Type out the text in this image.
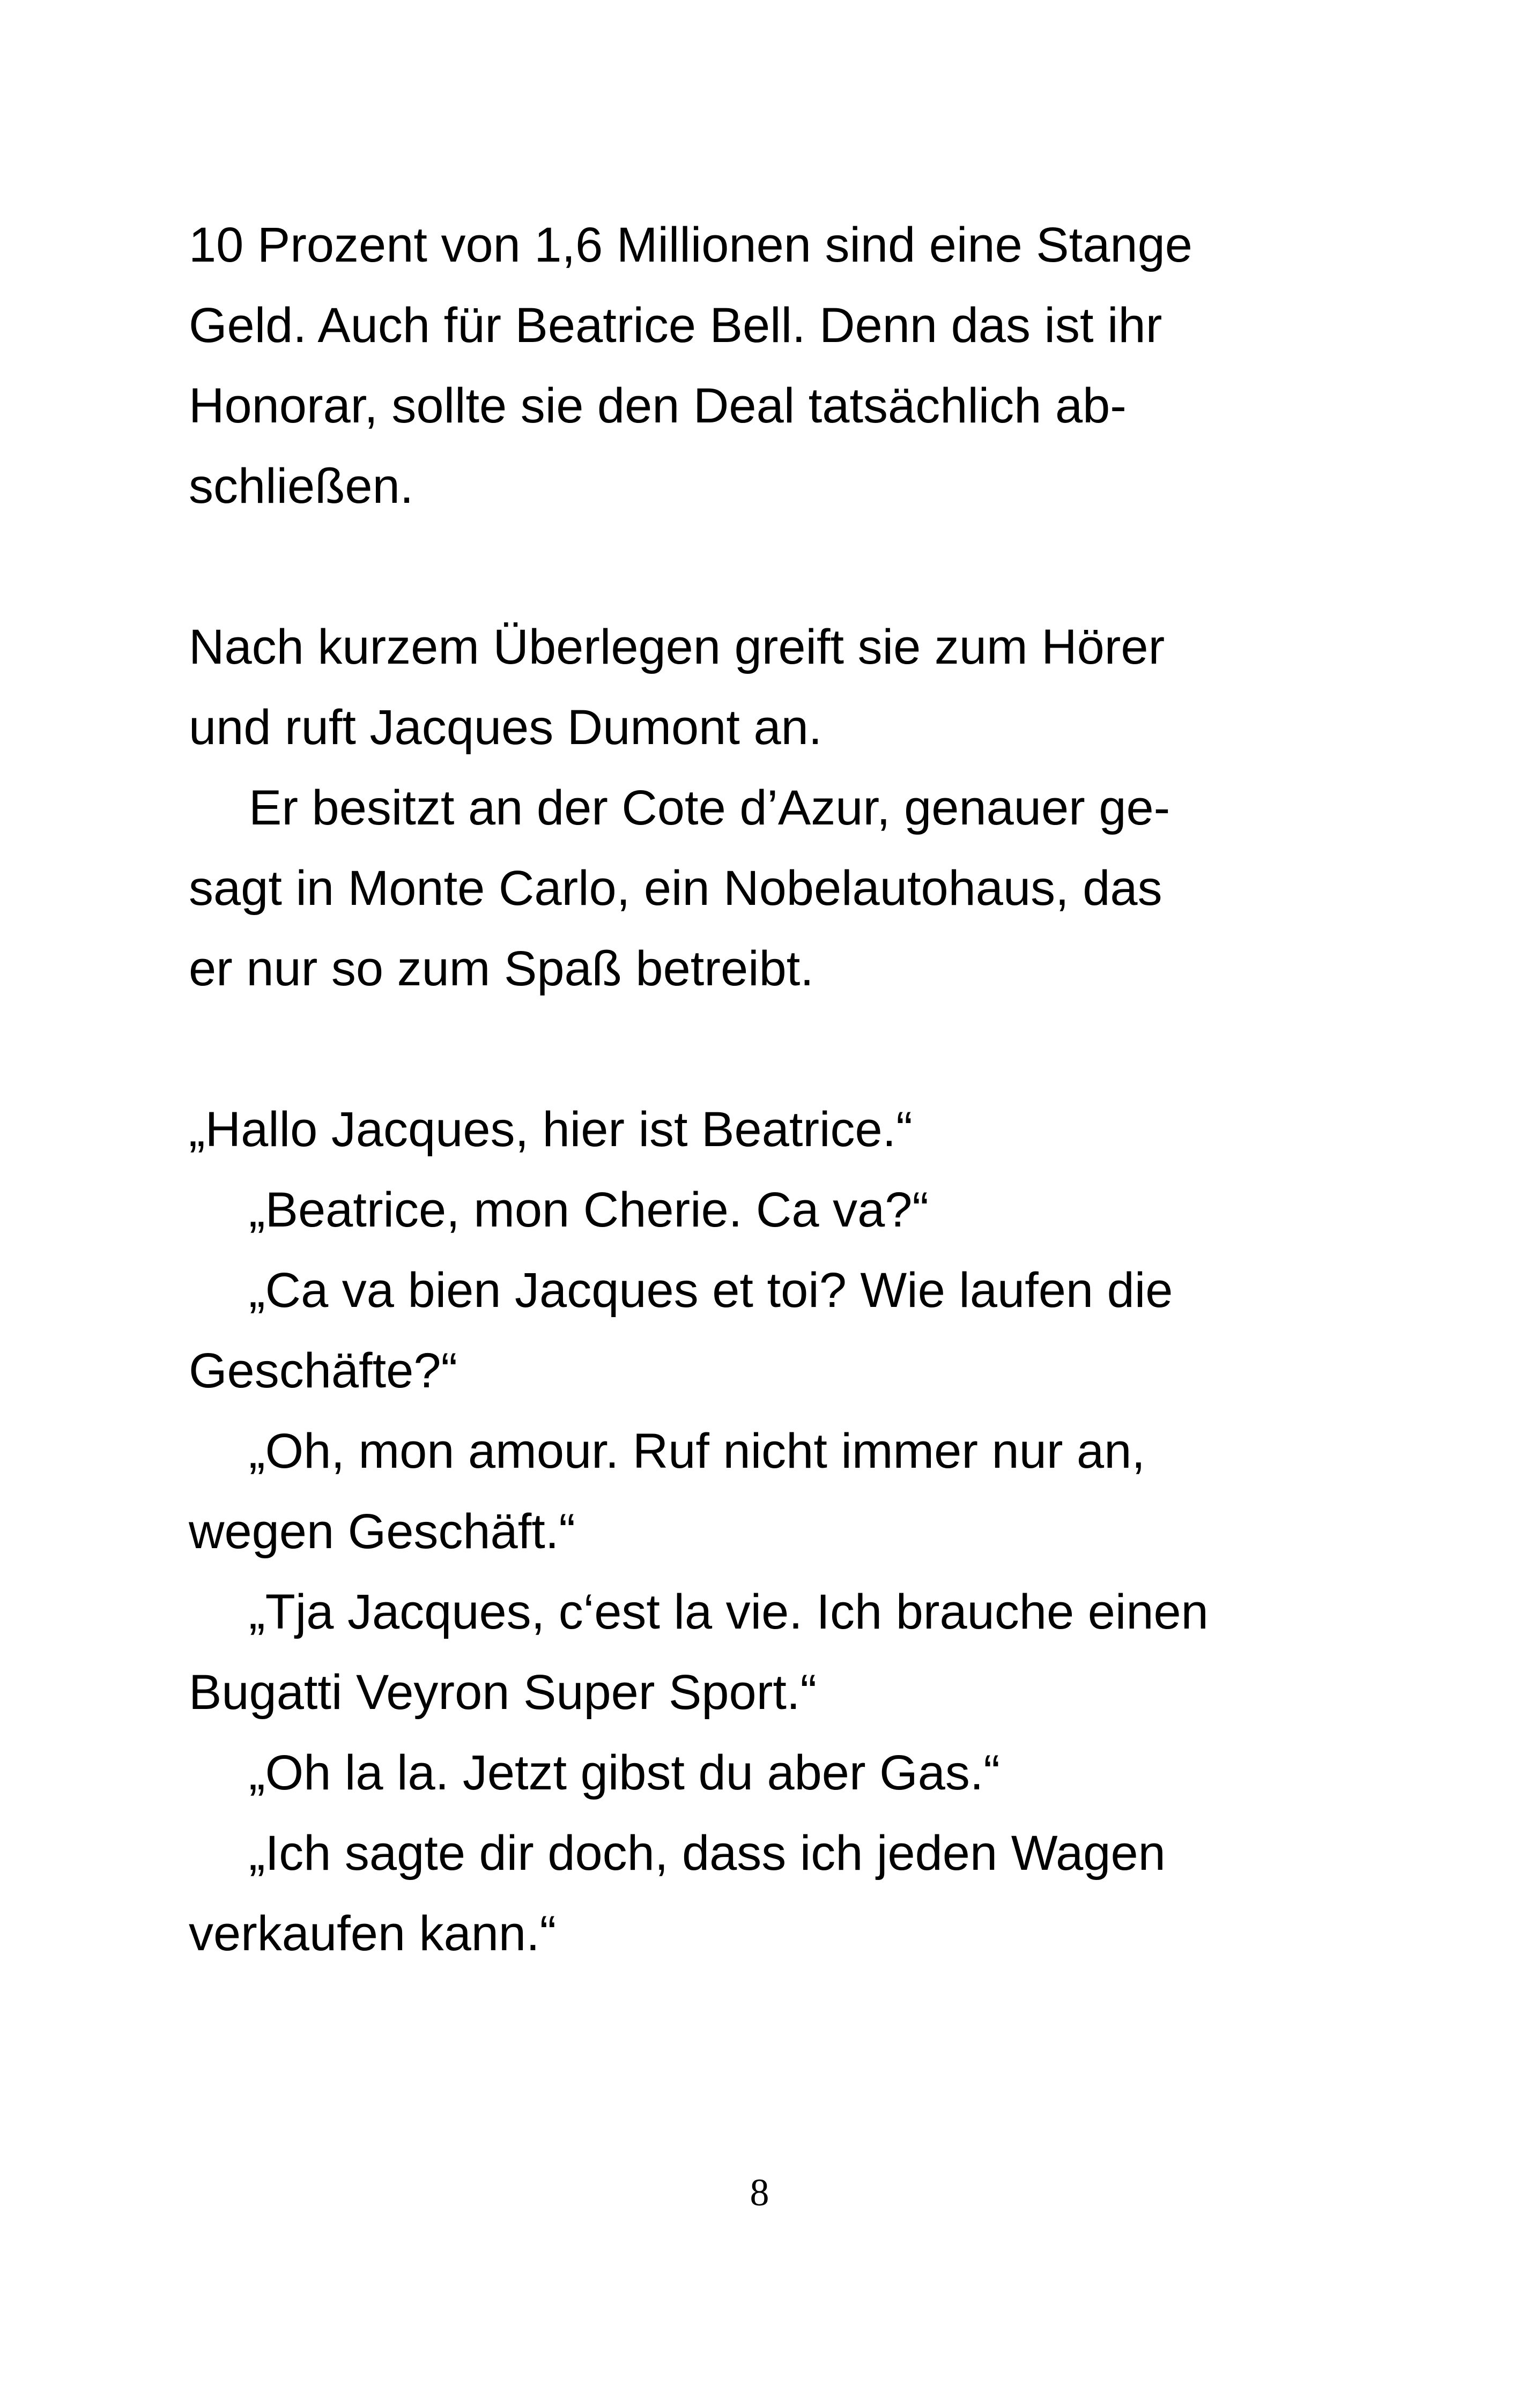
10 Prozent von 1,6 Millionen sind eine Stange
Geld. Auch für Beatrice Bell. Denn das ist ihr
Honorar, sollte sie den Deal tatsächlich ab-
schließen.

Nach kurzem Überlegen greift sie zum Hörer
und ruft Jacques Dumont an.

Er besitzt an der Cote d’Azur, genauer ge-
sagt in Monte Carlo, ein Nobelautohaus, das
er nur so zum Spaß betreibt.

„Hallo Jacques, hier ist Beatrice.“

„Beatrice, mon Cherie. Ca va?“

„Ca va bien Jacques et toi? Wie laufen die
Geschäfte?“

„Oh, mon amour. Ruf nicht immer nur an,
wegen Geschäft.“

„Tja Jacques, c‘est la vie. Ich brauche einen
Bugatti Veyron Super Sport.“

„Oh la la. Jetzt gibst du aber Gas.“

„Ich sagte dir doch, dass ich jeden Wagen
verkaufen kann.“

8
